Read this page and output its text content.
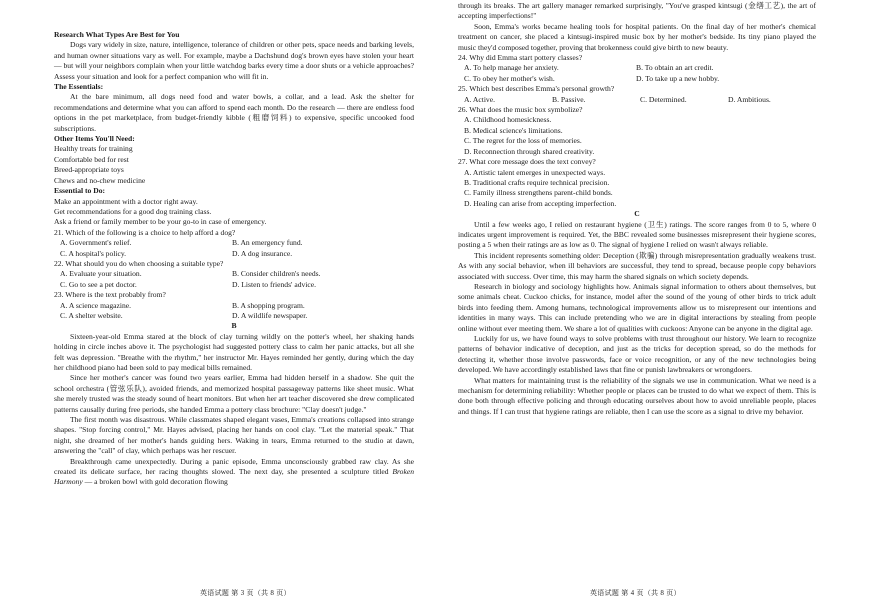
Research What Types Are Best for You

Dogs vary widely in size, nature, intelligence, tolerance of children or other pets, space needs and barking levels, and human owner situations vary as well. For example, maybe a Dachshund dog's brown eyes have stolen your heart — but will your neighbors complain when your little watchdog barks every time a door shuts or a vehicle approaches? Assess your situation and look for a perfect companion who will fit in.

The Essentials:

At the bare minimum, all dogs need food and water bowls, a collar, and a lead. Ask the shelter for recommendations and determine what you can afford to spend each month. Do the research — there are endless food options in the pet marketplace, from budget-friendly kibble (粗磨饲料) to expensive, specific uncooked food subscriptions.

Other Items You'll Need:

Healthy treats for training

Comfortable bed for rest

Breed-appropriate toys

Chews and no-chew medicine

Essential to Do:

Make an appointment with a doctor right away.

Get recommendations for a good dog training class.

Ask a friend or family member to be your go-to in case of emergency.

21. Which of the following is a choice to help afford a dog?

A. Government's relief.	B. An emergency fund.
C. A hospital's policy.	D. A dog insurance.

22. What should you do when choosing a suitable type?

A. Evaluate your situation.	B. Consider children's needs.
C. Go to see a pet doctor.	D. Listen to friends' advice.

23. Where is the text probably from?

A. A science magazine.	B. A shopping program.
C. A shelter website.	D. A wildlife newspaper.

B

Sixteen-year-old Emma stared at the block of clay turning wildly on the potter's wheel, her shaking hands holding in circle inches above it. The psychologist had suggested pottery class to calm her panic attacks, but all she felt was depression. "Breathe with the rhythm," her instructor Mr. Hayes reminded her gently, during which the day her childhood piano had been sold to pay medical bills remained.

Since her mother's cancer was found two years earlier, Emma had hidden herself in a shadow. She quit the school orchestra (管弦乐队), avoided friends, and memorized hospital passageway patterns like sheet music. What she merely trusted was the steady sound of heart monitors. But when her art teacher discovered she drew complicated patterns causally during free periods, she handed Emma a pottery class brochure: "Clay doesn't judge."

The first month was disastrous. While classmates shaped elegant vases, Emma's creations collapsed into strange shapes. "Stop forcing control," Mr. Hayes advised, placing her hands on cool clay. "Let the material speak." That night, she dreamed of her mother's hands guiding hers. Waking in tears, Emma returned to the studio at dawn, answering the "call" of clay, which perhaps was her rescuer.

Breakthrough came unexpectedly. During a panic episode, Emma unconsciously grabbed raw clay. As she created its delicate surface, her racing thoughts slowed. The next day, she presented a sculpture titled Broken Harmony — a broken bowl with gold decoration flowing

through its breaks. The art gallery manager remarked surprisingly, "You've grasped kintsugi (金缮工艺), the art of accepting imperfections!"

Soon, Emma's works became healing tools for hospital patients. On the final day of her mother's chemical treatment on cancer, she placed a kintsugi-inspired music box by her mother's bedside. Its tiny piano played the music they'd composed together, proving that brokenness could give birth to new beauty.

24. Why did Emma start pottery classes?

A. To help manage her anxiety.	B. To obtain an art credit.
C. To obey her mother's wish.	D. To take up a new hobby.

25. Which best describes Emma's personal growth?

A. Active.	B. Passive.	C. Determined.	D. Ambitious.

26. What does the music box symbolize?

A. Childhood homesickness.

B. Medical science's limitations.

C. The regret for the loss of memories.

D. Reconnection through shared creativity.

27. What core message does the text convey?

A. Artistic talent emerges in unexpected ways.

B. Traditional crafts require technical precision.

C. Family illness strengthens parent-child bonds.

D. Healing can arise from accepting imperfection.

C

Until a few weeks ago, I relied on restaurant hygiene (卫生) ratings. The score ranges from 0 to 5, where 0 indicates urgent improvement is required. Yet, the BBC revealed some businesses misrepresent their hygiene scores, posting a 5 when their ratings are as low as 0. The signal of hygiene I relied on wasn't always reliable.

This incident represents something older: Deception (欺骗) through misrepresentation gradually weakens trust. As with any social behavior, when ill behaviors are successful, they tend to spread, because people copy behaviors associated with success. Over time, this may harm the shared signals on which society depends.

Research in biology and sociology highlights how. Animals signal information to others about themselves, but some animals cheat. Cuckoo chicks, for instance, model after the sound of the young of other birds to trick adult birds into feeding them. Among humans, technological improvements allow us to misrepresent our intentions and identities in many ways. This can include pretending who we are in digital interactions by stealing from people online without ever meeting them. We share a lot of qualities with cuckoos: Anyone can be anyone in the digital age.

Luckily for us, we have found ways to solve problems with trust throughout our history. We learn to recognize patterns of behavior indicative of deception, and just as the tricks for deception spread, so do the methods for detecting it, whether those involve passwords, face or voice recognition, or any of the new technologies being developed. We have accordingly established laws that fine or punish lawbreakers or wrongdoers.

What matters for maintaining trust is the reliability of the signals we use in communication. What we need is a mechanism for determining reliability: Whether people or places can be trusted to do what we expect of them. This is done both through effective policing and through educating ourselves about how to avoid unreliable people, places and things. If I can trust that hygiene ratings are reliable, then I can use the score as a signal to drive my behavior.

英语试题 第 3 页（共 8 页）	英语试题 第 4 页（共 8 页）
